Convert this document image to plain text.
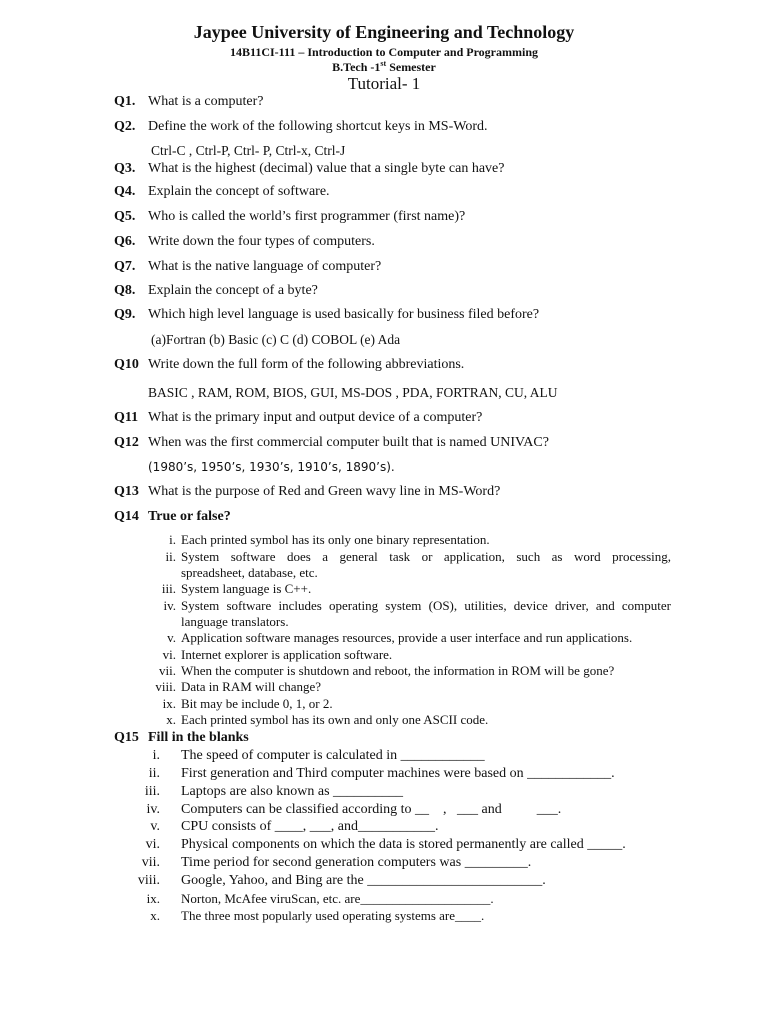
Jaypee University of Engineering and Technology
14B11CI-111 – Introduction to Computer and Programming
B.Tech -1st Semester
Tutorial- 1
Q1. What is a computer?
Q2. Define the work of the following shortcut keys in MS-Word.
Ctrl-C , Ctrl-P, Ctrl- P, Ctrl-x, Ctrl-J
Q3. What is the highest (decimal) value that a single byte can have?
Q4. Explain the concept of software.
Q5. Who is called the world’s first programmer (first name)?
Q6. Write down the four types of computers.
Q7. What is the native language of computer?
Q8. Explain the concept of a byte?
Q9. Which high level language is used basically for business filed before?
(a)Fortran (b) Basic (c) C (d) COBOL (e) Ada
Q10 Write down the full form of the following abbreviations.
BASIC , RAM, ROM, BIOS, GUI, MS-DOS , PDA, FORTRAN, CU, ALU
Q11 What is the primary input and output device of a computer?
Q12 When was the first commercial computer built that is named UNIVAC?
(1980’s, 1950’s, 1930’s, 1910’s, 1890’s).
Q13 What is the purpose of Red and Green wavy line in MS-Word?
Q14 True or false?
i. Each printed symbol has its only one binary representation.
ii. System software does a general task or application, such as word processing,
spreadsheet, database, etc.
iii. System language is C++.
iv. System software includes operating system (OS), utilities, device driver, and computer
language translators.
v. Application software manages resources, provide a user interface and run applications.
vi. Internet explorer is application software.
vii. When the computer is shutdown and reboot, the information in ROM will be gone?
viii. Data in RAM will change?
ix. Bit may be include 0, 1, or 2.
x. Each printed symbol has its own and only one ASCII code.
Q15 Fill in the blanks
i. The speed of computer is calculated in ____________
ii. First generation and Third computer machines were based on ____________.
iii. Laptops are also known as __________
iv. Computers can be classified according to __    ,   ___ and          ___.
v. CPU consists of ____, ___, and___________.
vi. Physical components on which the data is stored permanently are called _____.
vii. Time period for second generation computers was _________.
viii. Google, Yahoo, and Bing are the _________________________.
ix. Norton, McAfee viruScan, etc. are____________________.
x. The three most popularly used operating systems are____.
